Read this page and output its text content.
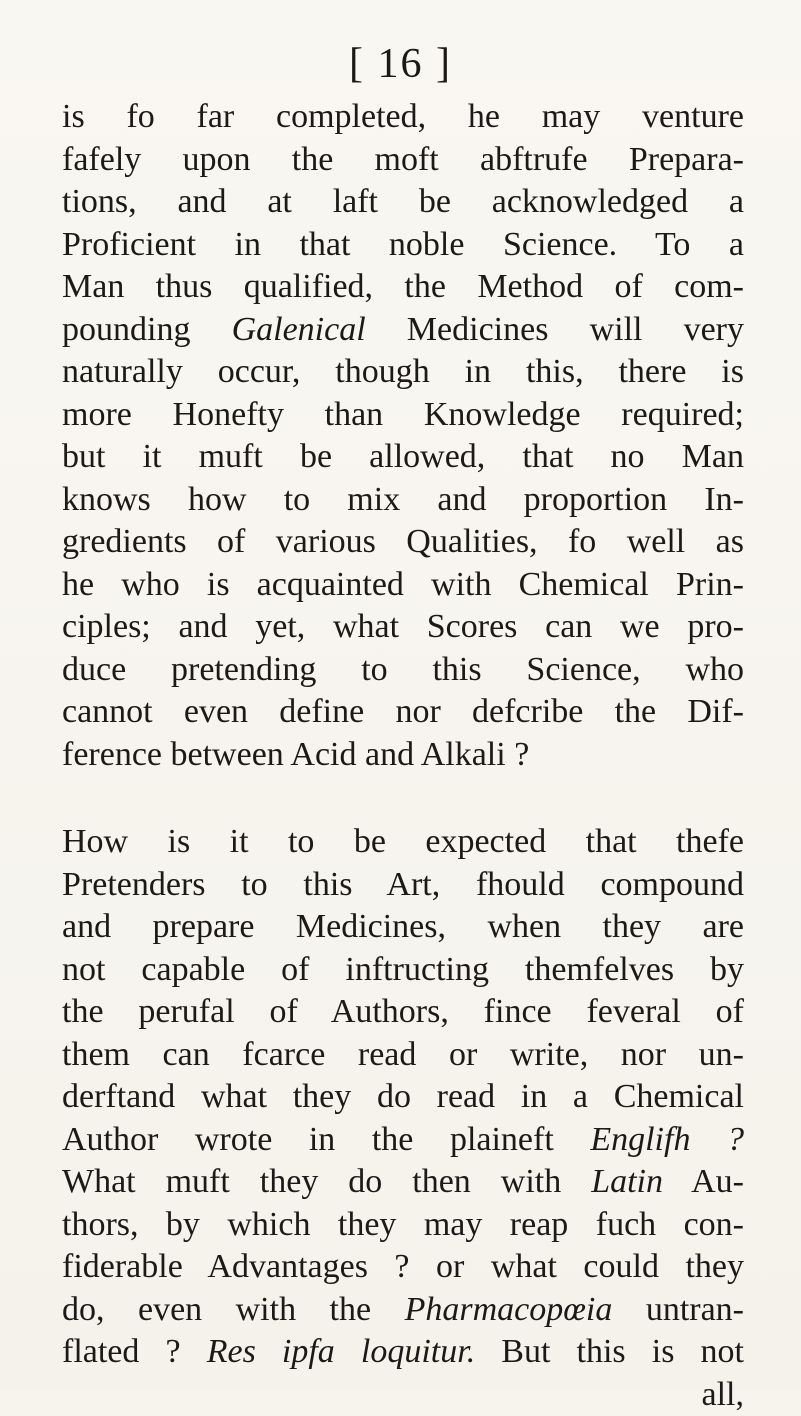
[ 16 ]
is fo far completed, he may venture
fafely upon the moft abftrufe Prepara-
tions, and at laft be acknowledged a
Proficient in that noble Science. To a
Man thus qualified, the Method of com-
pounding Galenical Medicines will very
naturally occur, though in this, there is
more Honefty than Knowledge required;
but it muft be allowed, that no Man
knows how to mix and proportion In-
gredients of various Qualities, fo well as
he who is acquainted with Chemical Prin-
ciples; and yet, what Scores can we pro-
duce pretending to this Science, who
cannot even define nor defcribe the Dif-
ference between Acid and Alkali ?
How is it to be expected that thefe
Pretenders to this Art, fhould compound
and prepare Medicines, when they are
not capable of inftructing themfelves by
the perufal of Authors, fince feveral of
them can fcarce read or write, nor un-
derftand what they do read in a Chemical
Author wrote in the plaineft Englifh ?
What muft they do then with Latin Au-
thors, by which they may reap fuch con-
fiderable Advantages ? or what could they
do, even with the Pharmacopœia untran-
flated ? Res ipfa loquitur. But this is not
all,
